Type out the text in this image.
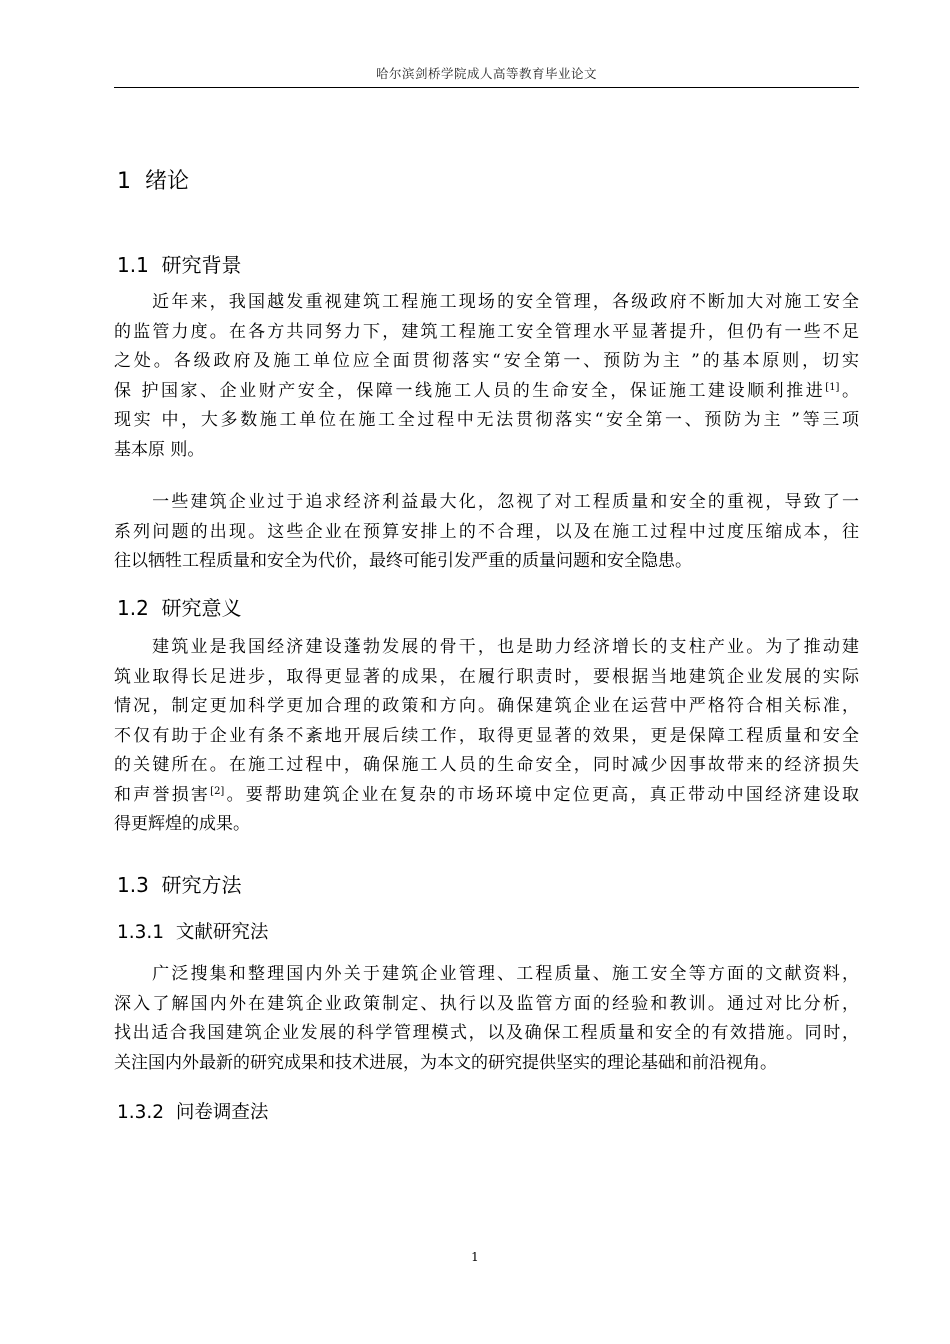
哈尔滨剑桥学院成人高等教育毕业论文
1 绪论
1.1 研究背景
近年来，我国越发重视建筑工程施工现场的安全管理，各级政府不断加大对施工安全
的监管力度。在各方共同努力下，建筑工程施工安全管理水平显著提升，但仍有一些不足
之处。各级政府及施工单位应全面贯彻落实“安全第一、预防为主 ”的基本原则，切实
保 护国家、企业财产安全，保障一线施工人员的生命安全，保证施工建设顺利推进[1]。
现实 中，大多数施工单位在施工全过程中无法贯彻落实“安全第一、预防为主 ”等三项
基本原 则。
一些建筑企业过于追求经济利益最大化，忽视了对工程质量和安全的重视，导致了一
系列问题的出现。这些企业在预算安排上的不合理，以及在施工过程中过度压缩成本，往
往以牺牲工程质量和安全为代价，最终可能引发严重的质量问题和安全隐患。
1.2 研究意义
建筑业是我国经济建设蓬勃发展的骨干，也是助力经济增长的支柱产业。为了推动建
筑业取得长足进步，取得更显著的成果，在履行职责时，要根据当地建筑企业发展的实际
情况，制定更加科学更加合理的政策和方向。确保建筑企业在运营中严格符合相关标准，
不仅有助于企业有条不紊地开展后续工作，取得更显著的效果，更是保障工程质量和安全
的关键所在。在施工过程中，确保施工人员的生命安全，同时减少因事故带来的经济损失
和声誉损害[2]。要帮助建筑企业在复杂的市场环境中定位更高，真正带动中国经济建设取
得更辉煌的成果。
1.3 研究方法
1.3.1 文献研究法
广泛搜集和整理国内外关于建筑企业管理、工程质量、施工安全等方面的文献资料，
深入了解国内外在建筑企业政策制定、执行以及监管方面的经验和教训。通过对比分析，
找出适合我国建筑企业发展的科学管理模式，以及确保工程质量和安全的有效措施。同时，
关注国内外最新的研究成果和技术进展，为本文的研究提供坚实的理论基础和前沿视角。
1.3.2 问卷调查法
1
